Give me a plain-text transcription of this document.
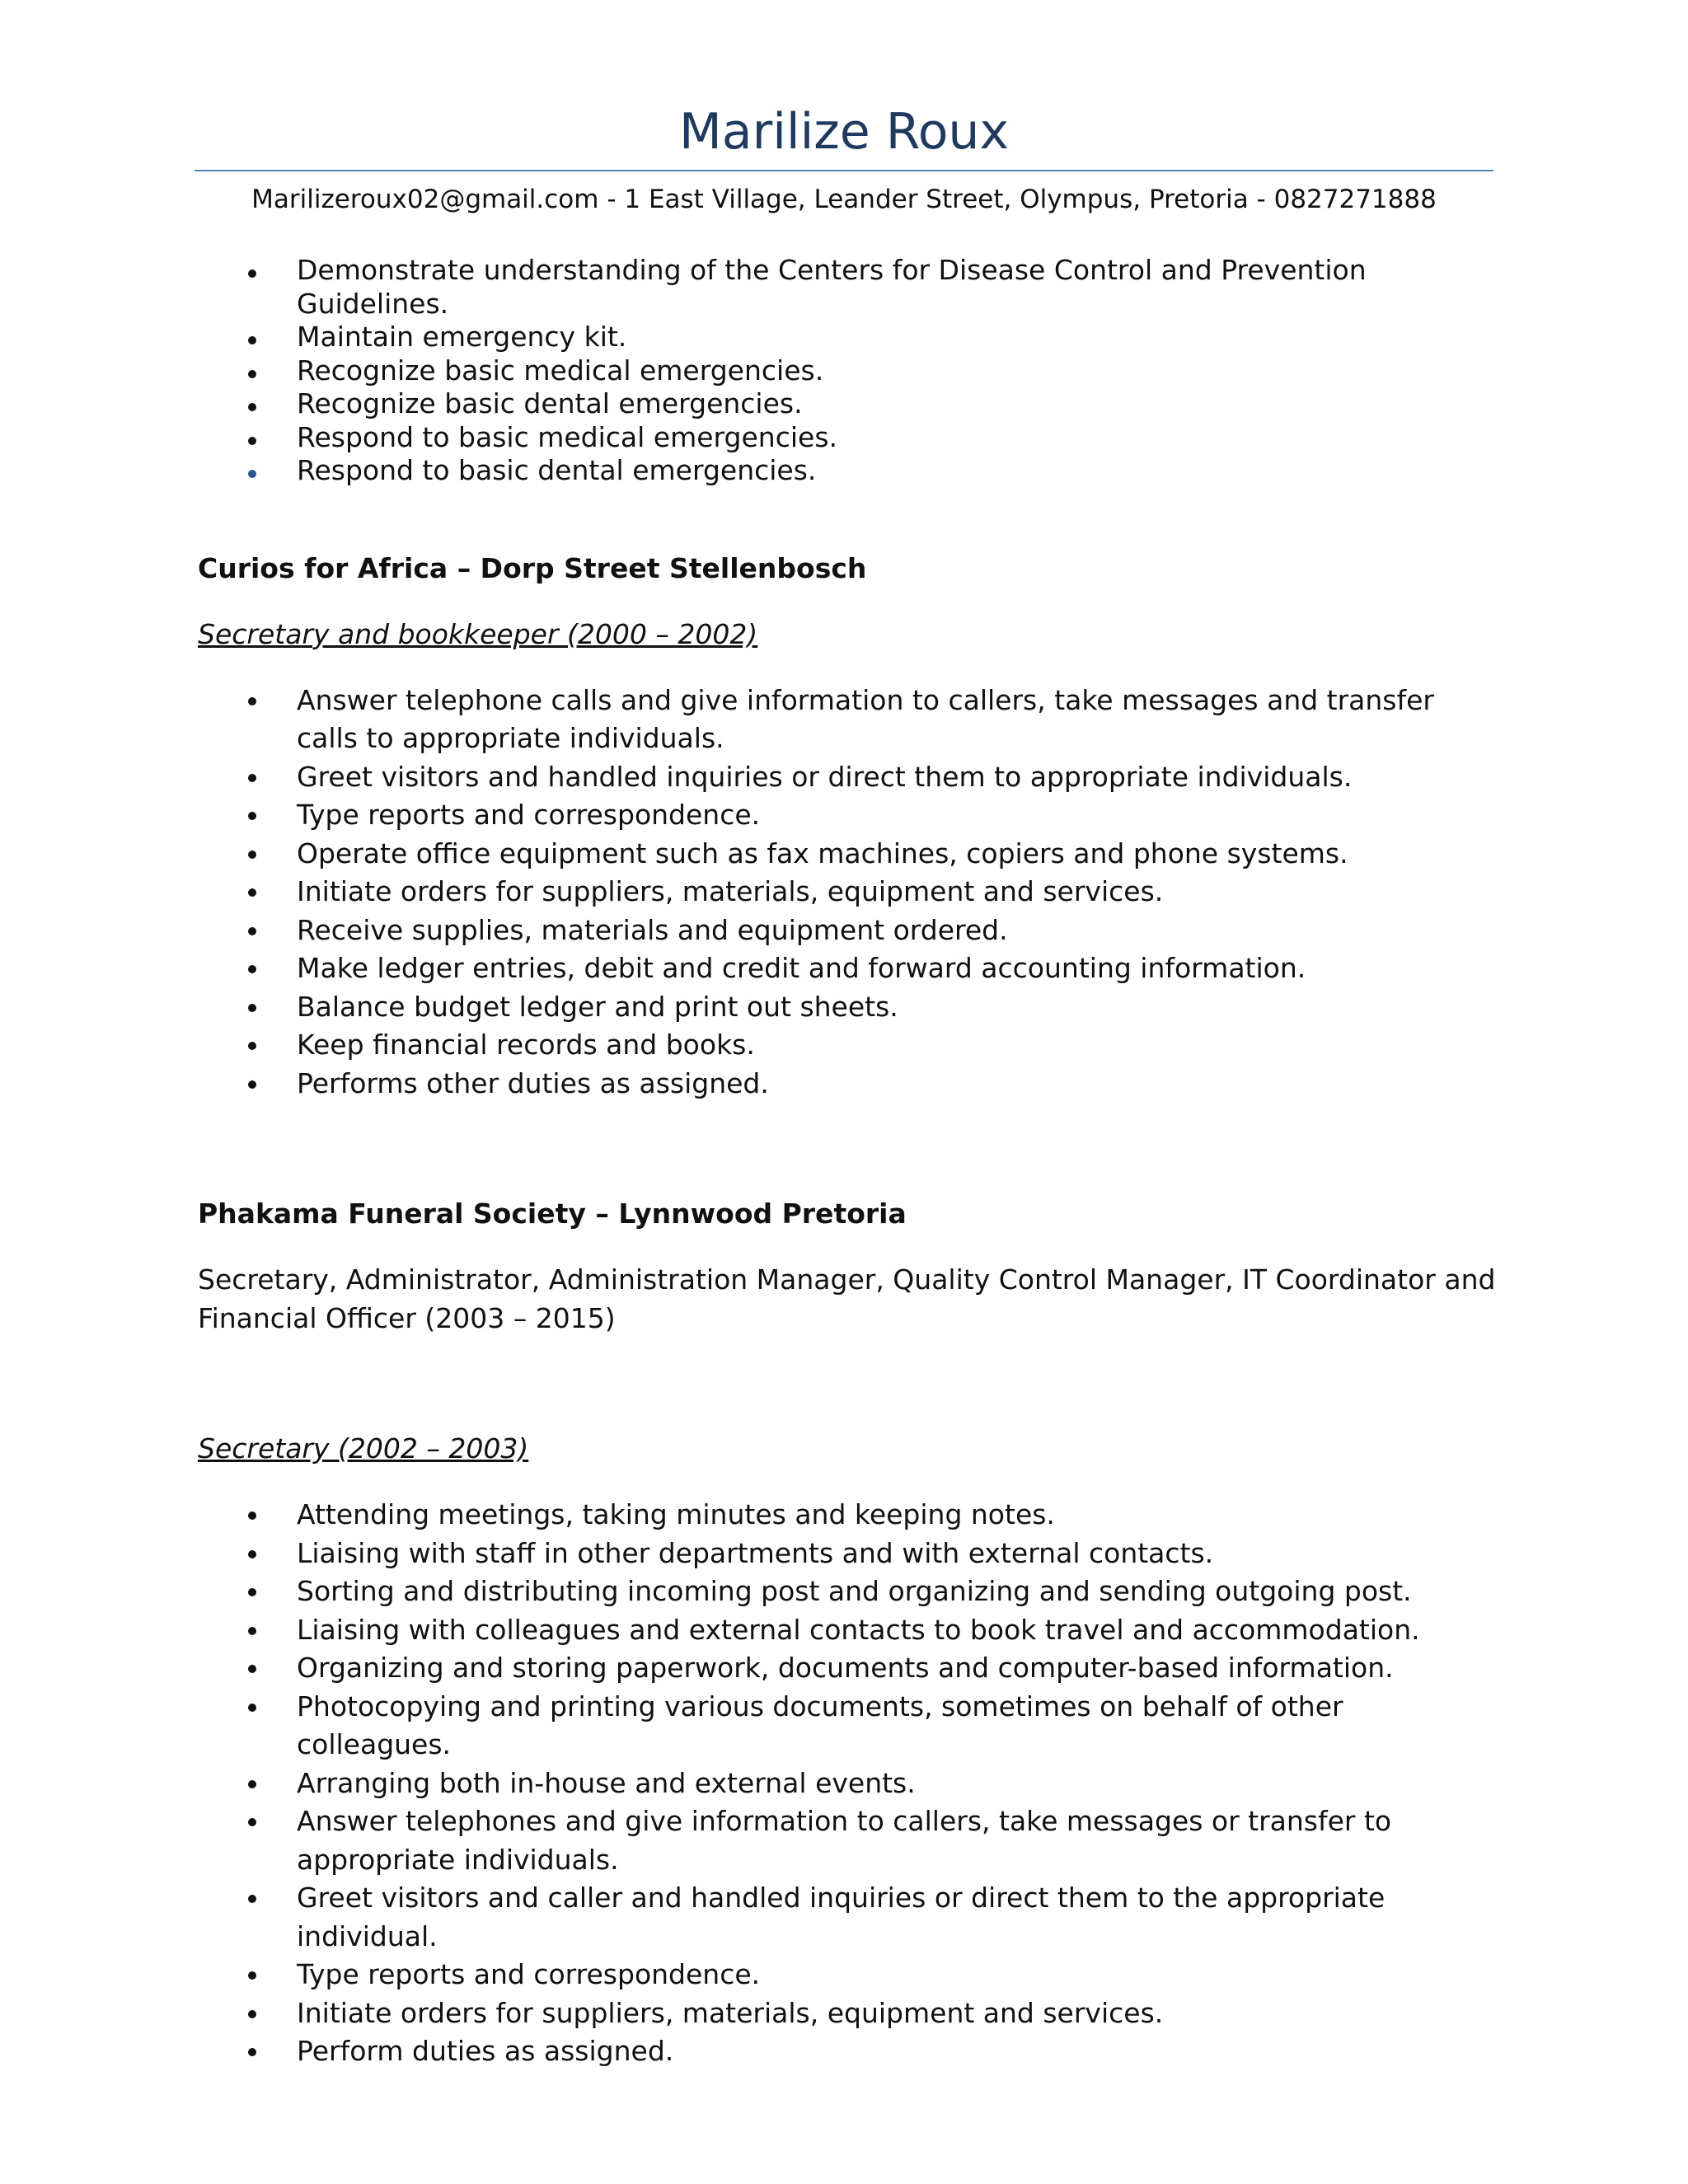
Marilize Roux
Marilizeroux02@gmail.com - 1 East Village, Leander Street, Olympus, Pretoria - 0827271888
Demonstrate understanding of the Centers for Disease Control and Prevention Guidelines.
Maintain emergency kit.
Recognize basic medical emergencies.
Recognize basic dental emergencies.
Respond to basic medical emergencies.
Respond to basic dental emergencies.
Curios for Africa – Dorp Street Stellenbosch
Secretary and bookkeeper (2000 – 2002)
Answer telephone calls and give information to callers, take messages and transfer calls to appropriate individuals.
Greet visitors and handled inquiries or direct them to appropriate individuals.
Type reports and correspondence.
Operate office equipment such as fax machines, copiers and phone systems.
Initiate orders for suppliers, materials, equipment and services.
Receive supplies, materials and equipment ordered.
Make ledger entries, debit and credit and forward accounting information.
Balance budget ledger and print out sheets.
Keep financial records and books.
Performs other duties as assigned.
Phakama Funeral Society – Lynnwood Pretoria
Secretary, Administrator, Administration Manager, Quality Control Manager, IT Coordinator and Financial Officer (2003 – 2015)
Secretary (2002 – 2003)
Attending meetings, taking minutes and keeping notes.
Liaising with staff in other departments and with external contacts.
Sorting and distributing incoming post and organizing and sending outgoing post.
Liaising with colleagues and external contacts to book travel and accommodation.
Organizing and storing paperwork, documents and computer-based information.
Photocopying and printing various documents, sometimes on behalf of other colleagues.
Arranging both in-house and external events.
Answer telephones and give information to callers, take messages or transfer to appropriate individuals.
Greet visitors and caller and handled inquiries or direct them to the appropriate individual.
Type reports and correspondence.
Initiate orders for suppliers, materials, equipment and services.
Perform duties as assigned.
